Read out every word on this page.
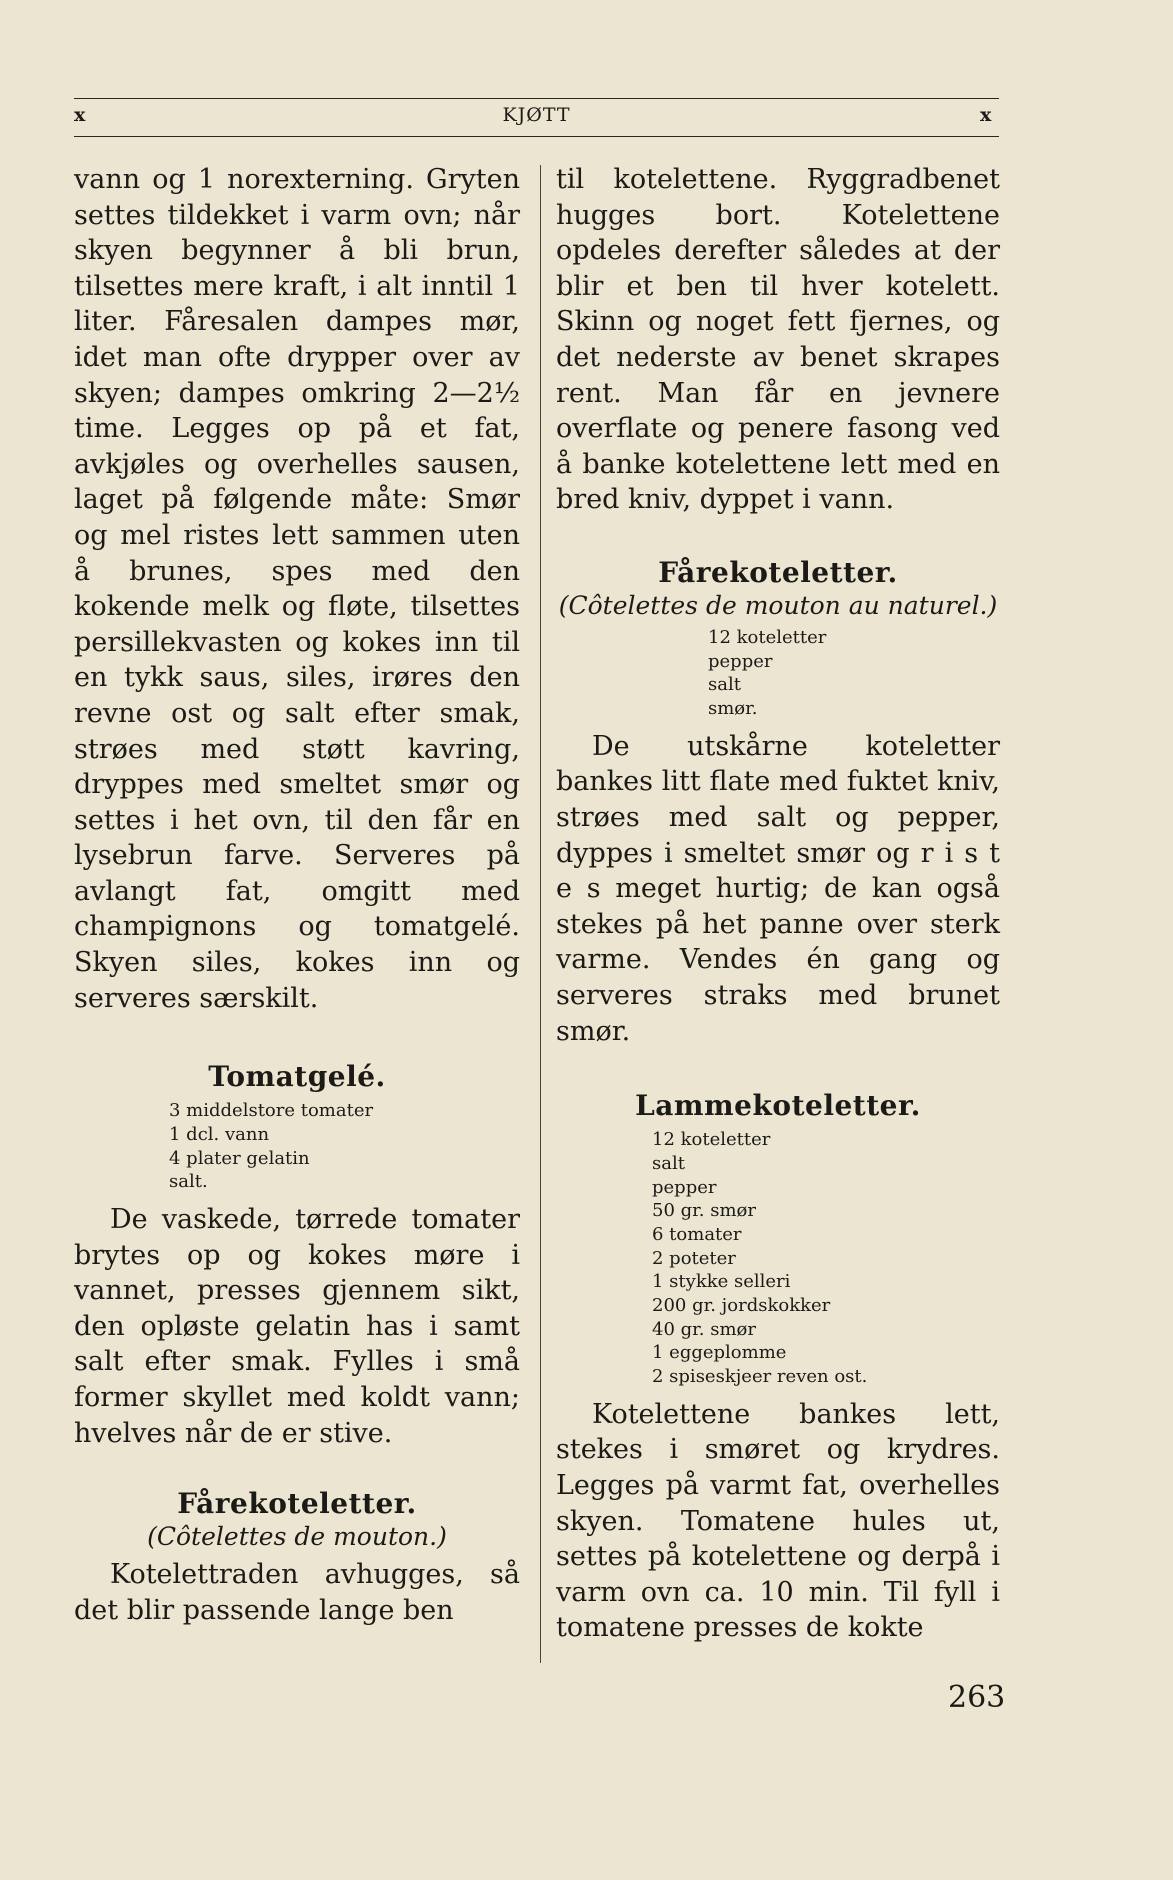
x	KJØTT	x

vann og 1 norexterning. Gryten settes tildekket i varm ovn; når skyen begynner å bli brun, tilsettes mere kraft, i alt inntil 1 liter. Fåresalen dampes mør, idet man ofte drypper over av skyen; dampes omkring 2—2½ time. Legges op på et fat, avkjøles og overhelles sausen, laget på følgende måte: Smør og mel ristes lett sammen uten å brunes, spes med den kokende melk og fløte, tilsettes persillekvasten og kokes inn til en tykk saus, siles, irøres den revne ost og salt efter smak, strøes med støtt kavring, dryppes med smeltet smør og settes i het ovn, til den får en lysebrun farve. Serveres på avlangt fat, omgitt med champignons og tomatgelé. Skyen siles, kokes inn og serveres særskilt.

Tomatgelé.
3 middelstore tomater
1 dcl. vann
4 plater gelatin
salt.

De vaskede, tørrede tomater brytes op og kokes møre i vannet, presses gjennem sikt, den opløste gelatin has i samt salt efter smak. Fylles i små former skyllet med koldt vann; hvelves når de er stive.

Fårekoteletter.

(Côtelettes de mouton.)

Kotelettraden avhugges, så det blir passende lange ben

til kotelettene. Ryggradbenet hugges bort. Kotelettene opdeles derefter således at der blir et ben til hver kotelett. Skinn og noget fett fjernes, og det nederste av benet skrapes rent. Man får en jevnere overflate og penere fasong ved å banke kotelettene lett med en bred kniv, dyppet i vann.

Fårekoteletter.

(Côtelettes de mouton au naturel.)

12 koteletter
pepper
salt
smør.

De utskårne koteletter bankes litt flate med fuktet kniv, strøes med salt og pepper, dyppes i smeltet smør og r i s t e s meget hurtig; de kan også stekes på het panne over sterk varme. Vendes én gang og serveres straks med brunet smør.

Lammekoteletter.
12 koteletter
salt
pepper
50 gr. smør
6 tomater
2 poteter
1 stykke selleri
200 gr. jordskokker
40 gr. smør
1 eggeplomme
2 spiseskjeer reven ost.

Kotelettene bankes lett, stekes i smøret og krydres. Legges på varmt fat, overhelles skyen. Tomatene hules ut, settes på kotelettene og derpå i varm ovn ca. 10 min. Til fyll i tomatene presses de kokte

263
